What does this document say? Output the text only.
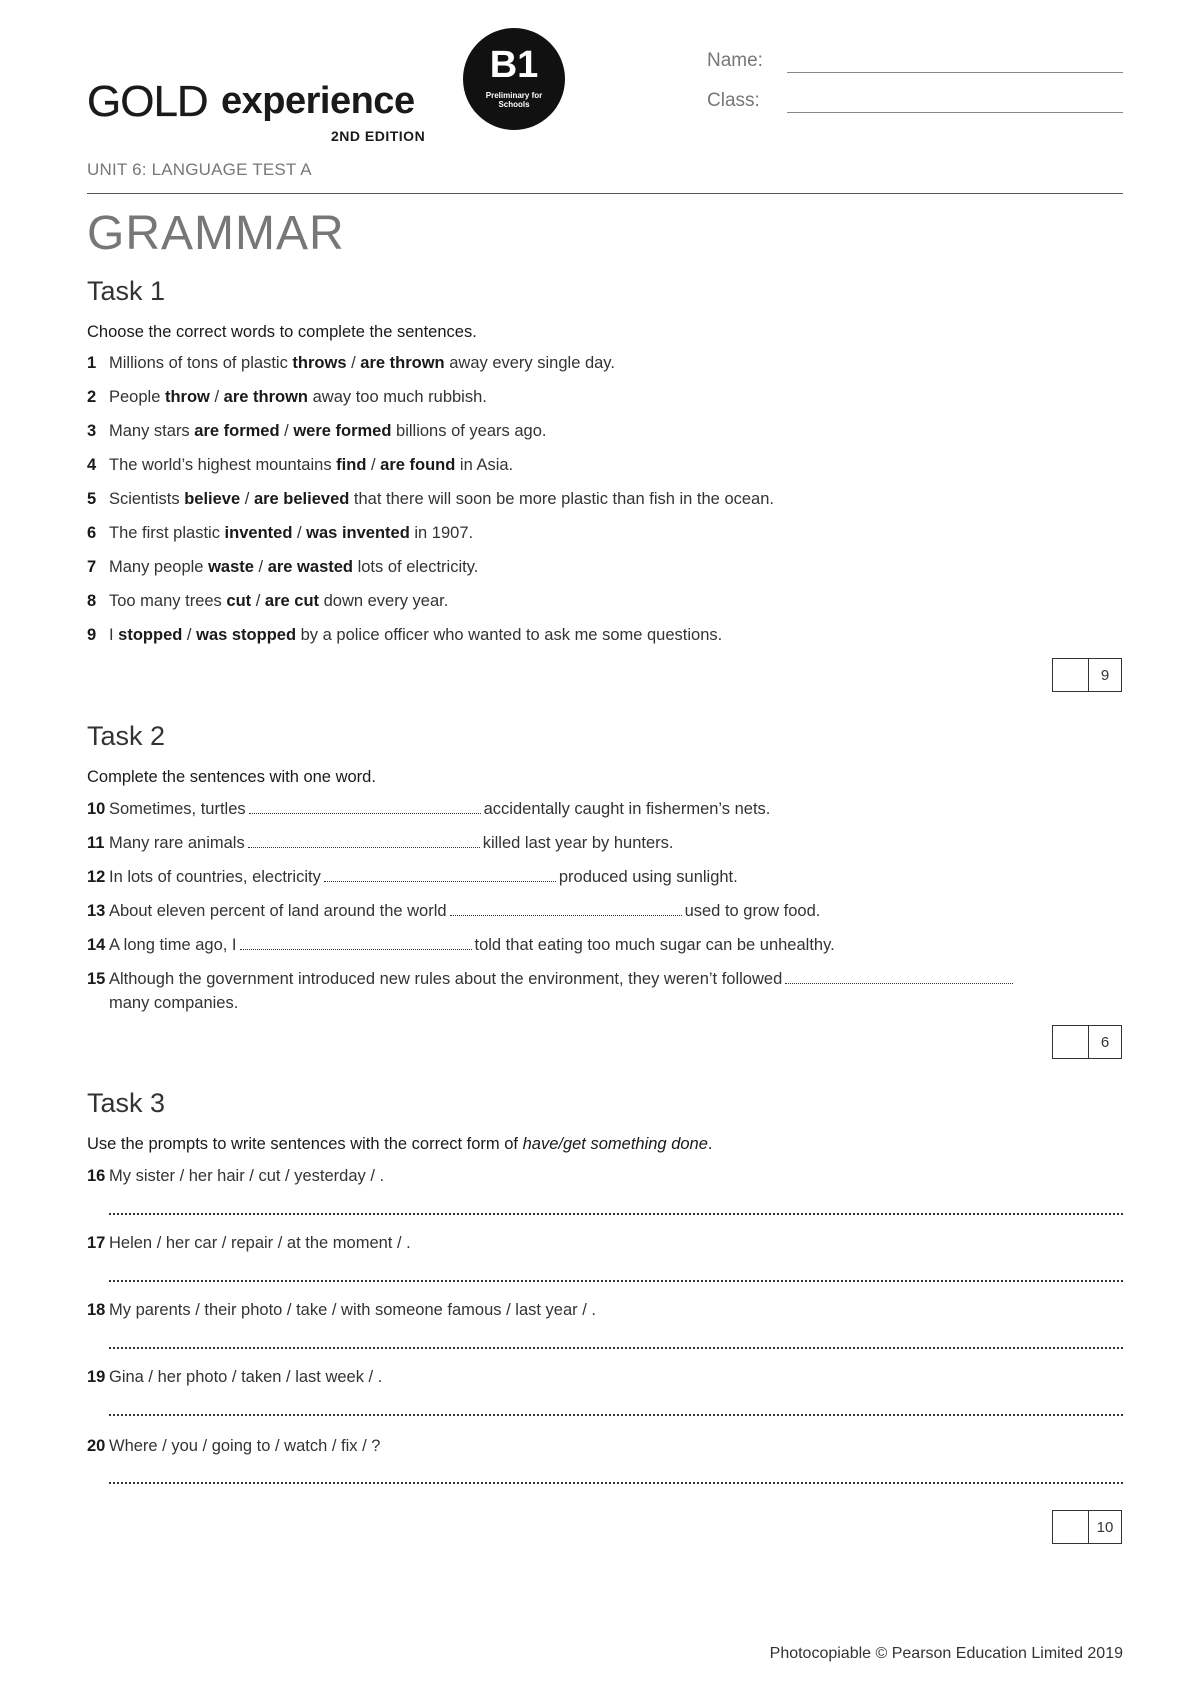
GOLD experience
2ND EDITION
B1
Preliminary for Schools
Name:
Class:
UNIT 6: LANGUAGE TEST A
GRAMMAR
Task 1
Choose the correct words to complete the sentences.
1 Millions of tons of plastic throws / are thrown away every single day.
2 People throw / are thrown away too much rubbish.
3 Many stars are formed / were formed billions of years ago.
4 The world’s highest mountains find / are found in Asia.
5 Scientists believe / are believed that there will soon be more plastic than fish in the ocean.
6 The first plastic invented / was invented in 1907.
7 Many people waste / are wasted lots of electricity.
8 Too many trees cut / are cut down every year.
9 I stopped / was stopped by a police officer who wanted to ask me some questions.
9
Task 2
Complete the sentences with one word.
10 Sometimes, turtles	accidentally caught in fishermen’s nets.
11 Many rare animals	killed last year by hunters.
12 In lots of countries, electricity	produced using sunlight.
13 About eleven percent of land around the world	used to grow food.
14 A long time ago, I	told that eating too much sugar can be unhealthy.
15 Although the government introduced new rules about the environment, they weren’t followed
many companies.
6
Task 3
Use the prompts to write sentences with the correct form of have/get something done.
16 My sister / her hair / cut / yesterday / .
17 Helen / her car / repair / at the moment / .
18 My parents / their photo / take / with someone famous / last year / .
19 Gina / her photo / taken / last week / .
20 Where / you / going to / watch / fix / ?
10
Photocopiable © Pearson Education Limited 2019
